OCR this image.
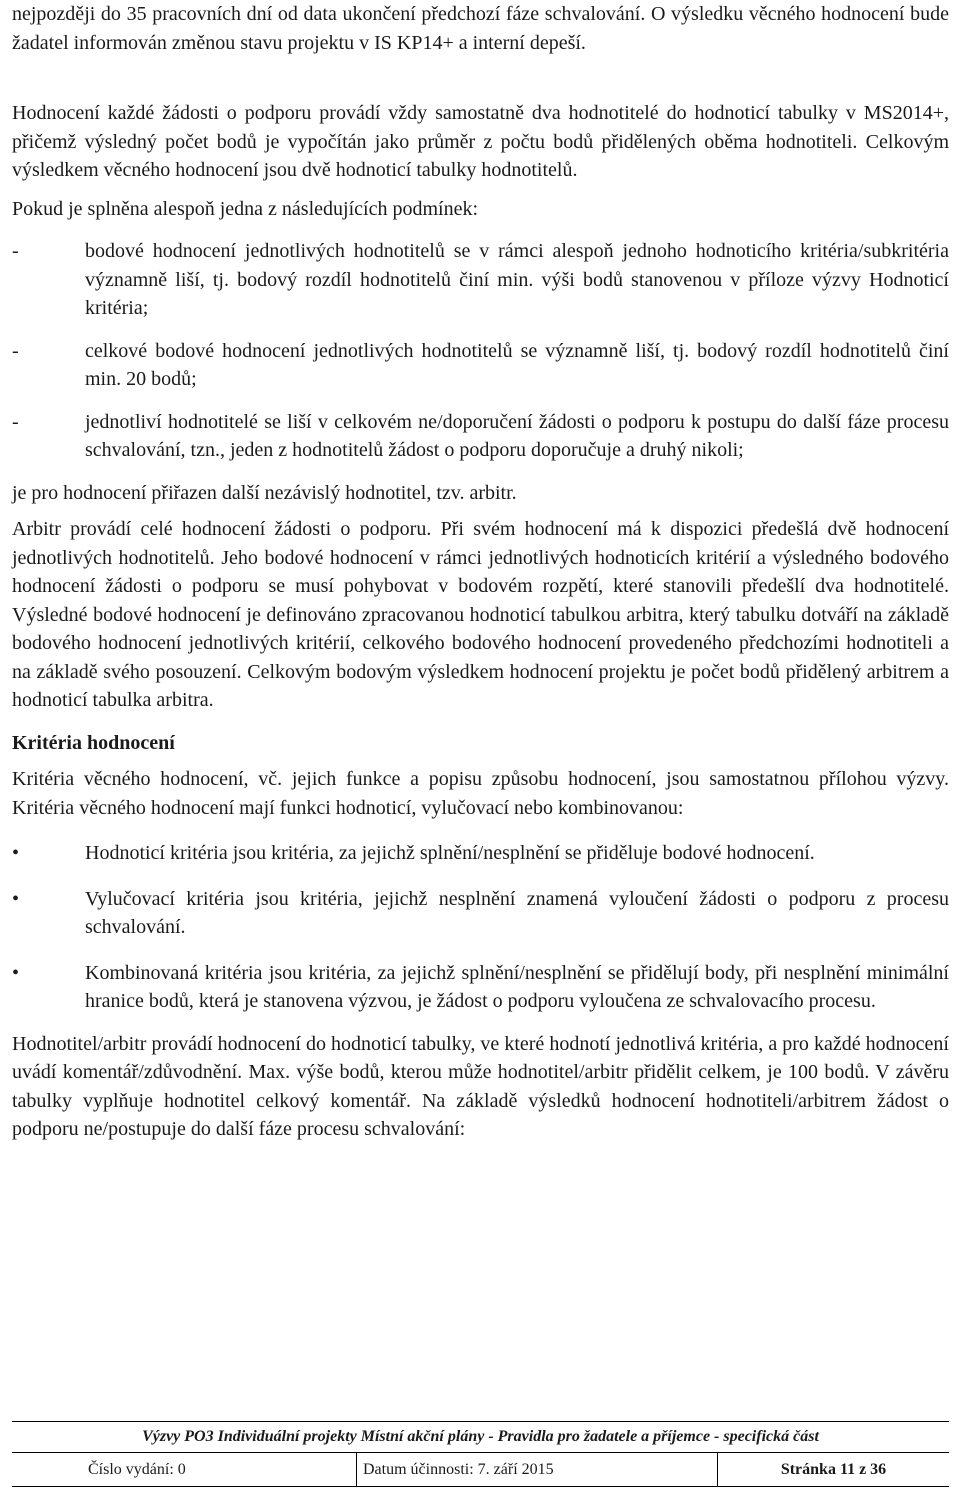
nejpozději do 35 pracovních dní od data ukončení předchozí fáze schvalování. O výsledku věcného hodnocení bude žadatel informován změnou stavu projektu v IS KP14+ a interní depeší.

Hodnocení každé žádosti o podporu provádí vždy samostatně dva hodnotitelé do hodnoticí tabulky v MS2014+, přičemž výsledný počet bodů je vypočítán jako průměr z počtu bodů přidělených oběma hodnotiteli. Celkovým výsledkem věcného hodnocení jsou dvě hodnoticí tabulky hodnotitelů.

Pokud je splněna alespoň jedna z následujících podmínek:

-	bodové hodnocení jednotlivých hodnotitelů se v rámci alespoň jednoho hodnoticího kritéria/subkritéria významně liší, tj. bodový rozdíl hodnotitelů činí min. výši bodů stanovenou v příloze výzvy Hodnoticí kritéria;
-	celkové bodové hodnocení jednotlivých hodnotitelů se významně liší, tj. bodový rozdíl hodnotitelů činí min. 20 bodů;
-	jednotliví hodnotitelé se liší v celkovém ne/doporučení žádosti o podporu k postupu do další fáze procesu schvalování, tzn., jeden z hodnotitelů žádost o podporu doporučuje a druhý nikoli;

je pro hodnocení přiřazen další nezávislý hodnotitel, tzv. arbitr.

Arbitr provádí celé hodnocení žádosti o podporu. Při svém hodnocení má k dispozici předešlá dvě hodnocení jednotlivých hodnotitelů. Jeho bodové hodnocení v rámci jednotlivých hodnoticích kritérií a výsledného bodového hodnocení žádosti o podporu se musí pohybovat v bodovém rozpětí, které stanovili předešlí dva hodnotitelé. Výsledné bodové hodnocení je definováno zpracovanou hodnoticí tabulkou arbitra, který tabulku dotváří na základě bodového hodnocení jednotlivých kritérií, celkového bodového hodnocení provedeného předchozími hodnotiteli a na základě svého posouzení. Celkovým bodovým výsledkem hodnocení projektu je počet bodů přidělený arbitrem a hodnoticí tabulka arbitra.

Kritéria hodnocení

Kritéria věcného hodnocení, vč. jejich funkce a popisu způsobu hodnocení, jsou samostatnou přílohou výzvy. Kritéria věcného hodnocení mají funkci hodnoticí, vylučovací nebo kombinovanou:

•	Hodnoticí kritéria jsou kritéria, za jejichž splnění/nesplnění se přiděluje bodové hodnocení.
•	Vylučovací kritéria jsou kritéria, jejichž nesplnění znamená vyloučení žádosti o podporu z procesu schvalování.
•	Kombinovaná kritéria jsou kritéria, za jejichž splnění/nesplnění se přidělují body, při nesplnění minimální hranice bodů, která je stanovena výzvou, je žádost o podporu vyloučena ze schvalovacího procesu.

Hodnotitel/arbitr provádí hodnocení do hodnoticí tabulky, ve které hodnotí jednotlivá kritéria, a pro každé hodnocení uvádí komentář/zdůvodnění. Max. výše bodů, kterou může hodnotitel/arbitr přidělit celkem, je 100 bodů. V závěru tabulky vyplňuje hodnotitel celkový komentář. Na základě výsledků hodnocení hodnotiteli/arbitrem žádost o podporu ne/postupuje do další fáze procesu schvalování:

Výzvy PO3 Individuální projekty Místní akční plány - Pravidla pro žadatele a příjemce - specifická část
Číslo vydání: 0	Datum účinnosti: 7. září 2015	Stránka 11 z 36
